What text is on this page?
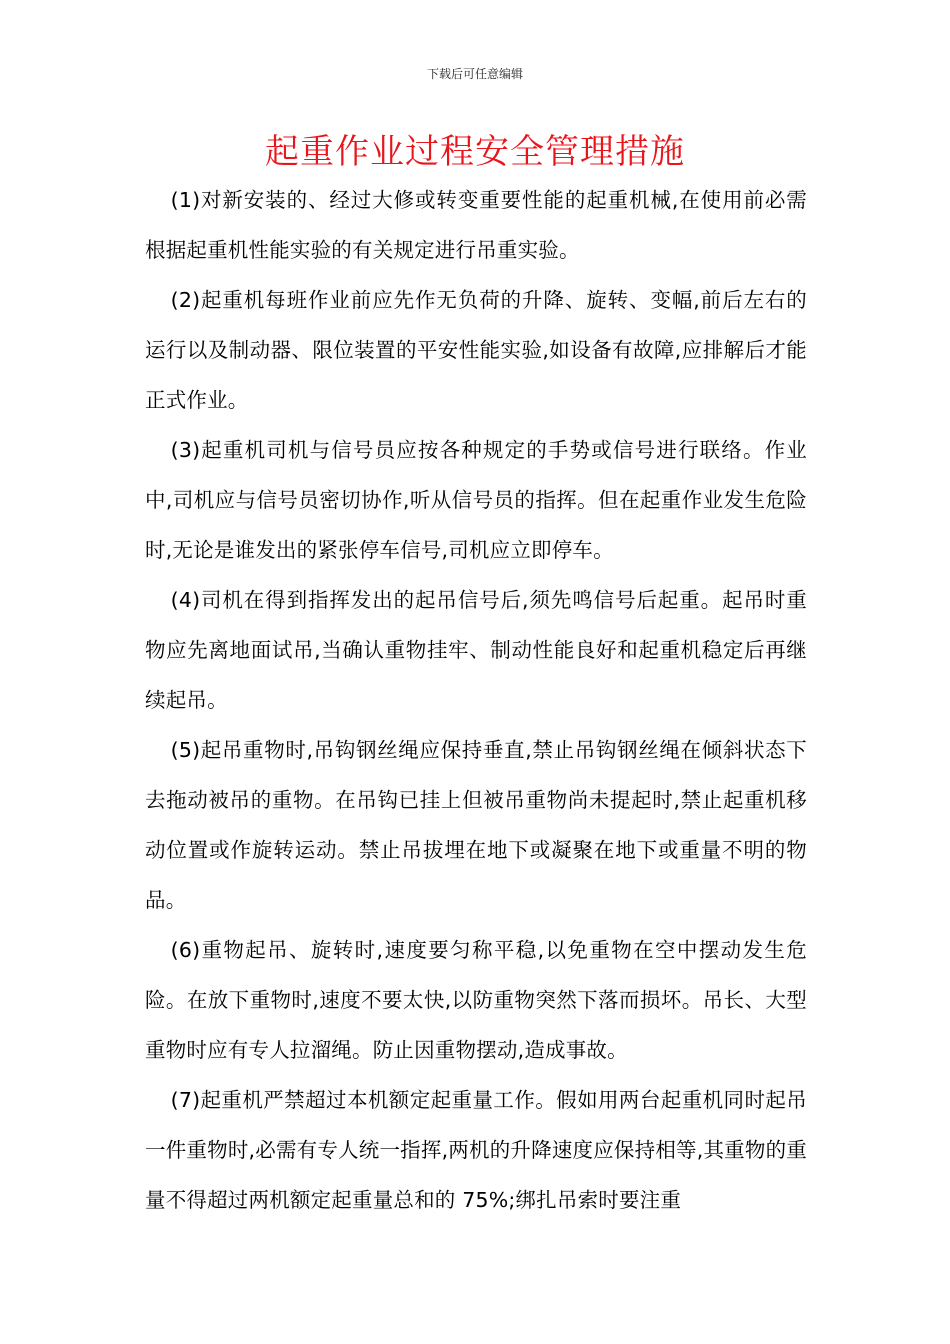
下载后可任意编辑
起重作业过程安全管理措施

(1)对新安装的、经过大修或转变重要性能的起重机械,在使用前必需根据起重机性能实验的有关规定进行吊重实验。

(2)起重机每班作业前应先作无负荷的升降、旋转、变幅,前后左右的运行以及制动器、限位装置的平安性能实验,如设备有故障,应排解后才能正式作业。

(3)起重机司机与信号员应按各种规定的手势或信号进行联络。作业中,司机应与信号员密切协作,听从信号员的指挥。但在起重作业发生危险时,无论是谁发出的紧张停车信号,司机应立即停车。

(4)司机在得到指挥发出的起吊信号后,须先鸣信号后起重。起吊时重物应先离地面试吊,当确认重物挂牢、制动性能良好和起重机稳定后再继续起吊。

(5)起吊重物时,吊钩钢丝绳应保持垂直,禁止吊钩钢丝绳在倾斜状态下去拖动被吊的重物。在吊钩已挂上但被吊重物尚未提起时,禁止起重机移动位置或作旋转运动。禁止吊拔埋在地下或凝聚在地下或重量不明的物品。

(6)重物起吊、旋转时,速度要匀称平稳,以免重物在空中摆动发生危险。在放下重物时,速度不要太快,以防重物突然下落而损坏。吊长、大型重物时应有专人拉溜绳。防止因重物摆动,造成事故。

(7)起重机严禁超过本机额定起重量工作。假如用两台起重机同时起吊一件重物时,必需有专人统一指挥,两机的升降速度应保持相等,其重物的重量不得超过两机额定起重量总和的 75%;绑扎吊索时要注重
